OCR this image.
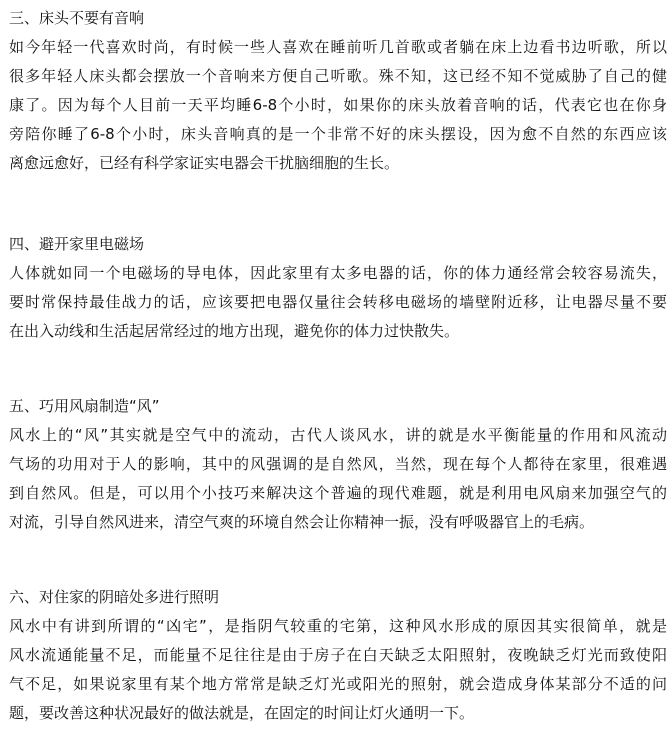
三、床头不要有音响
如今年轻一代喜欢时尚，有时候一些人喜欢在睡前听几首歌或者躺在床上边看书边听歌，所以
很多年轻人床头都会摆放一个音响来方便自己听歌。殊不知，这已经不知不觉威胁了自己的健
康了。因为每个人目前一天平均睡6-8个小时，如果你的床头放着音响的话，代表它也在你身
旁陪你睡了6-8个小时，床头音响真的是一个非常不好的床头摆设，因为愈不自然的东西应该
离愈远愈好，已经有科学家证实电器会干扰脑细胞的生长。
四、避开家里电磁场
人体就如同一个电磁场的导电体，因此家里有太多电器的话，你的体力通经常会较容易流失，
要时常保持最佳战力的话，应该要把电器仅量往会转移电磁场的墙壁附近移，让电器尽量不要
在出入动线和生活起居常经过的地方出现，避免你的体力过快散失。
五、巧用风扇制造“风”
风水上的“风”其实就是空气中的流动，古代人谈风水，讲的就是水平衡能量的作用和风流动
气场的功用对于人的影响，其中的风强调的是自然风，当然，现在每个人都待在家里，很难遇
到自然风。但是，可以用个小技巧来解决这个普遍的现代难题，就是利用电风扇来加强空气的
对流，引导自然风进来，清空气爽的环境自然会让你精神一振，没有呼吸器官上的毛病。
六、对住家的阴暗处多进行照明
风水中有讲到所谓的“凶宅”，是指阴气较重的宅第，这种风水形成的原因其实很简单，就是
风水流通能量不足，而能量不足往往是由于房子在白天缺乏太阳照射，夜晚缺乏灯光而致使阳
气不足，如果说家里有某个地方常常是缺乏灯光或阳光的照射，就会造成身体某部分不适的问
题，要改善这种状况最好的做法就是，在固定的时间让灯火通明一下。
